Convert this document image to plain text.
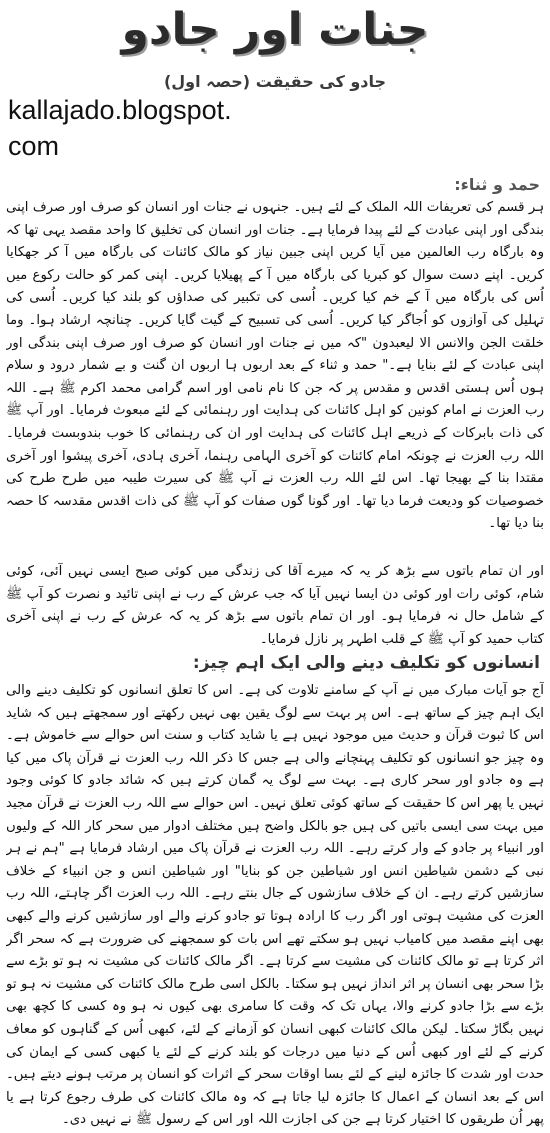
جنات اور جادو
جادو کی حقیقت (حصہ اول)
kallajado.blogspot.
com
حمد و ثناء:

ہر قسم کی تعریفات اللہ الملک کے لئے ہیں۔ جنہوں نے جنات اور انسان کو صرف اور صرف اپنی بندگی اور اپنی عبادت کے لئے پیدا فرمایا ہے۔ جنات اور انسان کی تخلیق کا واحد مقصد یہی تھا کہ وہ بارگاہ رب العالمین میں آیا کریں اپنی جبین نیاز کو مالک کائنات کی بارگاہ میں آ کر جھکایا کریں۔ اپنے دست سوال کو کبریا کی بارگاہ میں آ کے پھیلایا کریں۔ اپنی کمر کو حالت رکوع میں اُس کی بارگاہ میں آ کے خم کیا کریں۔ اُسی کی تکبیر کی صداؤں کو بلند کیا کریں۔ اُسی کی تہلیل کی آوازوں کو اُجاگر کیا کریں۔ اُسی کی تسبیح کے گیت گایا کریں۔ چنانچہ ارشاد ہوا۔ وما خلقت الجن والانس الا لیعبدون "کہ میں نے جنات اور انسان کو صرف اور صرف اپنی بندگی اور اپنی عبادت کے لئے بنایا ہے۔" حمد و ثناء کے بعد اربوں ہا اربوں ان گنت و بے شمار درود و سلام ہوں اُس ہستی اقدس و مقدس پر کہ جن کا نام نامی اور اسم گرامی محمد اکرم ﷺ ہے۔ اللہ رب العزت نے امام کونین کو اہل کائنات کی ہدایت اور رہنمائی کے لئے مبعوث فرمایا۔ اور آپ ﷺ کی ذات بابرکات کے ذریعے اہل کائنات کی ہدایت اور ان کی رہنمائی کا خوب بندوبست فرمایا۔ اللہ رب العزت نے چونکہ امام کائنات کو آخری الہامی رہنما، آخری ہادی، آخری پیشوا اور آخری مقتدا بنا کے بھیجا تھا۔ اس لئے اللہ رب العزت نے آپ ﷺ کی سیرت طیبہ میں طرح طرح کی خصوصیات کو ودیعت فرما دیا تھا۔ اور گونا گوں صفات کو آپ ﷺ کی ذات اقدس مقدسہ کا حصہ بنا دیا تھا۔

اور ان تمام باتوں سے بڑھ کر یہ کہ میرے آقا کی زندگی میں کوئی صبح ایسی نہیں آئی، کوئی شام، کوئی رات اور کوئی دن ایسا نہیں آیا کہ جب عرش کے رب نے اپنی تائید و نصرت کو آپ ﷺ کے شامل حال نہ فرمایا ہو۔ اور ان تمام باتوں سے بڑھ کر یہ کہ عرش کے رب نے اپنی آخری کتاب حمید کو آپ ﷺ کے قلب اطہر پر نازل فرمایا۔

انسانوں کو تکلیف دینے والی ایک اہم چیز:

آج جو آیات مبارک میں نے آپ کے سامنے تلاوت کی ہے۔ اس کا تعلق انسانوں کو تکلیف دینے والی ایک اہم چیز کے ساتھ ہے۔ اس پر بہت سے لوگ یقین بھی نہیں رکھتے اور سمجھتے ہیں کہ شاید اس کا ثبوت قرآن و حدیث میں موجود نہیں ہے یا شاید کتاب و سنت اس حوالے سے خاموش ہے۔ وہ چیز جو انسانوں کو تکلیف پہنچانے والی ہے جس کا ذکر اللہ رب العزت نے قرآن پاک میں کیا ہے وہ جادو اور سحر کاری ہے۔ بہت سے لوگ یہ گمان کرتے ہیں کہ شائد جادو کا کوئی وجود نہیں یا پھر اس کا حقیقت کے ساتھ کوئی تعلق نہیں۔ اس حوالے سے اللہ رب العزت نے قرآن مجید میں بہت سی ایسی باتیں کی ہیں جو بالکل واضح ہیں مختلف ادوار میں سحر کار اللہ کے ولیوں اور انبیاء پر جادو کے وار کرتے رہے۔ اللہ رب العزت نے قرآن پاک میں ارشاد فرمایا ہے "ہم نے ہر نبی کے دشمن شیاطین انس اور شیاطین جن کو بنایا" اور شیاطین انس و جن انبیاء کے خلاف سازشیں کرتے رہے۔ ان کے خلاف سازشوں کے جال بنتے رہے۔ اللہ رب العزت اگر چاہتے، اللہ رب العزت کی مشیت ہوتی اور اگر رب کا ارادہ ہوتا تو جادو کرنے والے اور سازشیں کرنے والے کبھی بھی اپنے مقصد میں کامیاب نہیں ہو سکتے تھے اس بات کو سمجھنے کی ضرورت ہے کہ سحر اگر اثر کرتا ہے تو مالک کائنات کی مشیت سے کرتا ہے۔ اگر مالک کائنات کی مشیت نہ ہو تو بڑے سے بڑا سحر بھی انسان پر اثر انداز نہیں ہو سکتا۔ بالکل اسی طرح مالک کائنات کی مشیت نہ ہو تو بڑے سے بڑا جادو کرنے والا، یہاں تک کہ وقت کا سامری بھی کیوں نہ ہو وہ کسی کا کچھ بھی نہیں بگاڑ سکتا۔ لیکن مالک کائنات کبھی انسان کو آزمانے کے لئے، کبھی اُس کے گناہوں کو معاف کرنے کے لئے اور کبھی اُس کے دنیا میں درجات کو بلند کرنے کے لئے یا کبھی کسی کے ایمان کی حدت اور شدت کا جائزہ لینے کے لئے بسا اوقات سحر کے اثرات کو انسان پر مرتب ہونے دیتے ہیں۔ اس کے بعد انسان کے اعمال کا جائزہ لیا جاتا ہے کہ وہ مالک کائنات کی طرف رجوع کرتا ہے یا پھر اُن طریقوں کا اختیار کرتا ہے جن کی اجازت اللہ اور اس کے رسول ﷺ نے نہیں دی۔
